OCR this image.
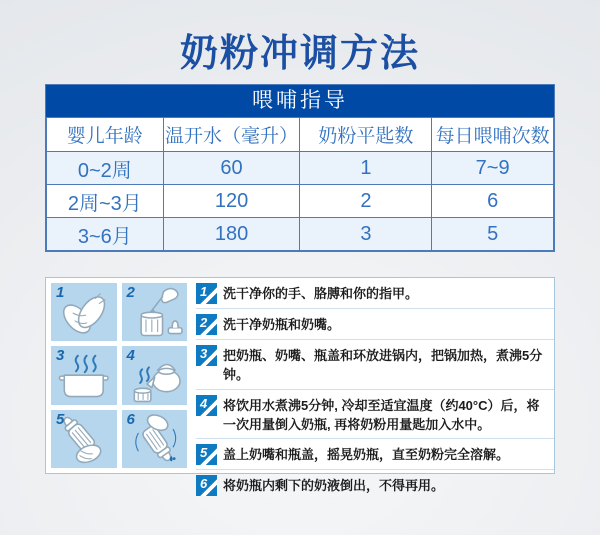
奶粉冲调方法
喂哺指导
婴儿年龄	温开水（毫升）	奶粉平匙数	每日喂哺次数
0~2周	60	1	7~9
2周~3月	120	2	6
3~6月	180	3	5
1	2
3	4
5	6
1	洗干净你的手、胳膊和你的指甲。
2	洗干净奶瓶和奶嘴。
3	把奶瓶、奶嘴、瓶盖和环放进锅内，把锅加热，煮沸5分钟。
4	将饮用水煮沸5分钟, 冷却至适宜温度（约40°C）后，将一次用量倒入奶瓶, 再将奶粉用量匙加入水中。
5	盖上奶嘴和瓶盖，摇晃奶瓶，直至奶粉完全溶解。
6	将奶瓶内剩下的奶液倒出，不得再用。
